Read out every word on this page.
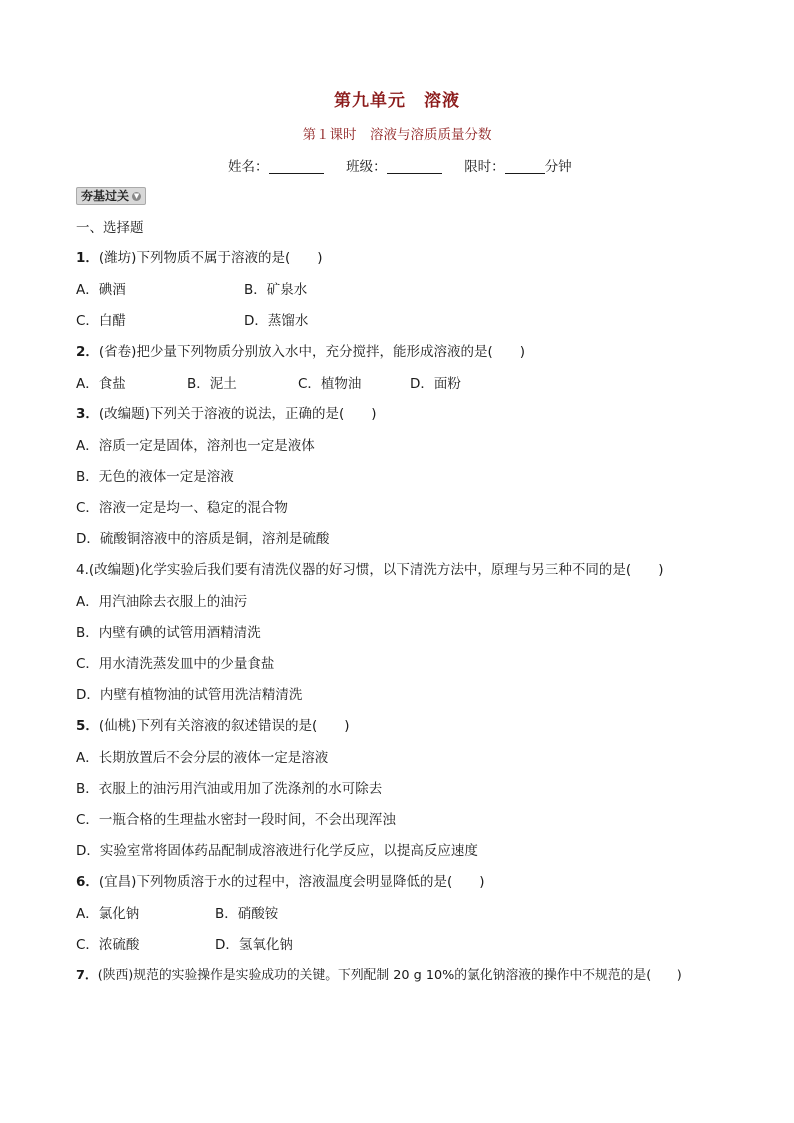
第九单元　溶液
第１课时　溶液与溶质质量分数
姓名：	班级：	限时：	分钟
夯基过关 ▼
一、选择题
1．(潍坊)下列物质不属于溶液的是(　　)
A．碘酒	B．矿泉水
C．白醋	D．蒸馏水
2．(省卷)把少量下列物质分别放入水中，充分搅拌，能形成溶液的是(　　)
A．食盐	B．泥土	C．植物油	D．面粉
3．(改编题)下列关于溶液的说法，正确的是(　　)
A．溶质一定是固体，溶剂也一定是液体
B．无色的液体一定是溶液
C．溶液一定是均一、稳定的混合物
D．硫酸铜溶液中的溶质是铜，溶剂是硫酸
4.(改编题)化学实验后我们要有清洗仪器的好习惯，以下清洗方法中，原理与另三种不同的是(　　)
A．用汽油除去衣服上的油污
B．内壁有碘的试管用酒精清洗
C．用水清洗蒸发皿中的少量食盐
D．内壁有植物油的试管用洗洁精清洗
5．(仙桃)下列有关溶液的叙述错误的是(　　)
A．长期放置后不会分层的液体一定是溶液
B．衣服上的油污用汽油或用加了洗涤剂的水可除去
C．一瓶合格的生理盐水密封一段时间，不会出现浑浊
D．实验室常将固体药品配制成溶液进行化学反应，以提高反应速度
6．(宜昌)下列物质溶于水的过程中，溶液温度会明显降低的是(　　)
A．氯化钠	B．硝酸铵
C．浓硫酸	D．氢氧化钠
7．(陕西)规范的实验操作是实验成功的关键。下列配制 20 g 10%的氯化钠溶液的操作中不规范的是(　　)
